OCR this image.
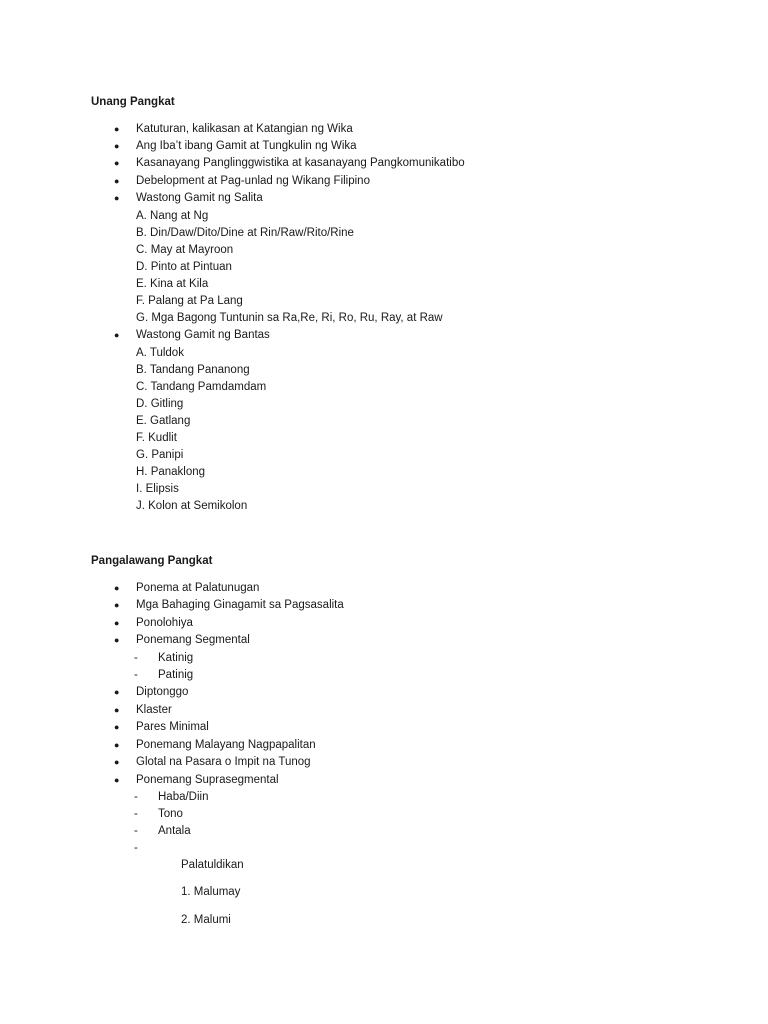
Unang Pangkat
● Katuturan, kalikasan at Katangian ng Wika
● Ang Iba’t ibang Gamit at Tungkulin ng Wika
● Kasanayang Panglinggwistika at kasanayang Pangkomunikatibo
● Debelopment at Pag-unlad ng Wikang Filipino
● Wastong Gamit ng Salita
A. Nang at Ng
B. Din/Daw/Dito/Dine at Rin/Raw/Rito/Rine
C. May at Mayroon
D. Pinto at Pintuan
E. Kina at Kila
F. Palang at Pa Lang
G. Mga Bagong Tuntunin sa Ra,Re, Ri, Ro, Ru, Ray, at Raw
● Wastong Gamit ng Bantas
A. Tuldok
B. Tandang Pananong
C. Tandang Pamdamdam
D. Gitling
E. Gatlang
F. Kudlit
G. Panipi
H. Panaklong
I. Elipsis
J. Kolon at Semikolon
Pangalawang Pangkat
● Ponema at Palatunugan
● Mga Bahaging Ginagamit sa Pagsasalita
● Ponolohiya
● Ponemang Segmental
- Katinig
- Patinig
● Diptonggo
● Klaster
● Pares Minimal
● Ponemang Malayang Nagpapalitan
● Glotal na Pasara o Impit na Tunog
● Ponemang Suprasegmental
- Haba/Diin
- Tono
- Antala
-
Palatuldikan
1. Malumay
2. Malumi
